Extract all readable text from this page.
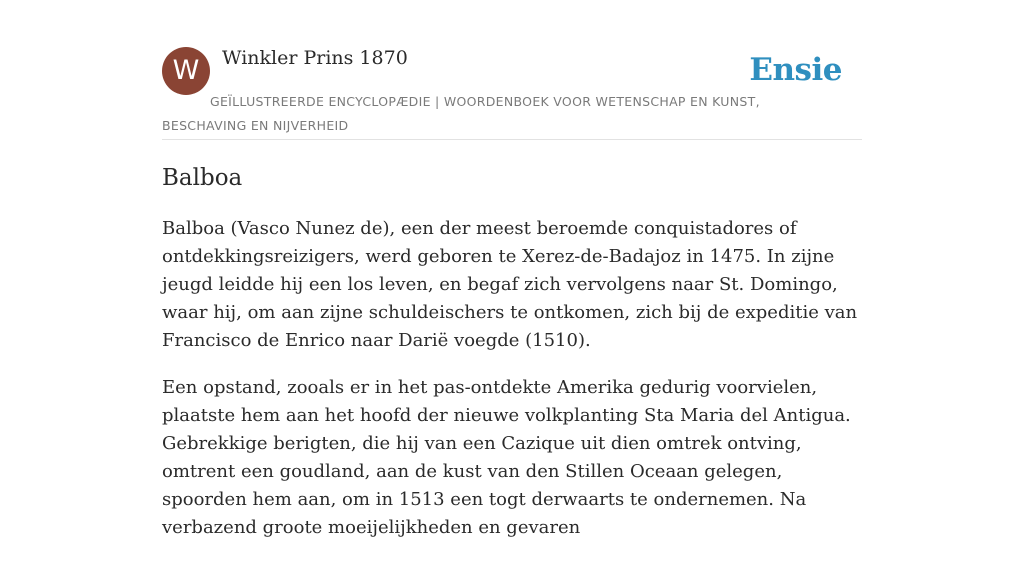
W	Winkler Prins 1870	Ensie
GEÏLLUSTREERDE ENCYCLOPÆDIE | WOORDENBOEK VOOR WETENSCHAP EN KUNST, BESCHAVING EN NIJVERHEID
Balboa

Balboa (Vasco Nunez de), een der meest beroemde conquistadores of ontdekkingsreizigers, werd geboren te Xerez-de-Badajoz in 1475. In zijne jeugd leidde hij een los leven, en begaf zich vervolgens naar St. Domingo, waar hij, om aan zijne schuldeischers te ontkomen, zich bij de expeditie van Francisco de Enrico naar Darië voegde (1510).

Een opstand, zooals er in het pas-ontdekte Amerika gedurig voorvielen, plaatste hem aan het hoofd der nieuwe volkplanting Sta Maria del Antigua. Gebrekkige berigten, die hij van een Cazique uit dien omtrek ontving, omtrent een goudland, aan de kust van den Stillen Oceaan gelegen, spoorden hem aan, om in 1513 een togt derwaarts te ondernemen. Na verbazend groote moeijelijkheden en gevaren
